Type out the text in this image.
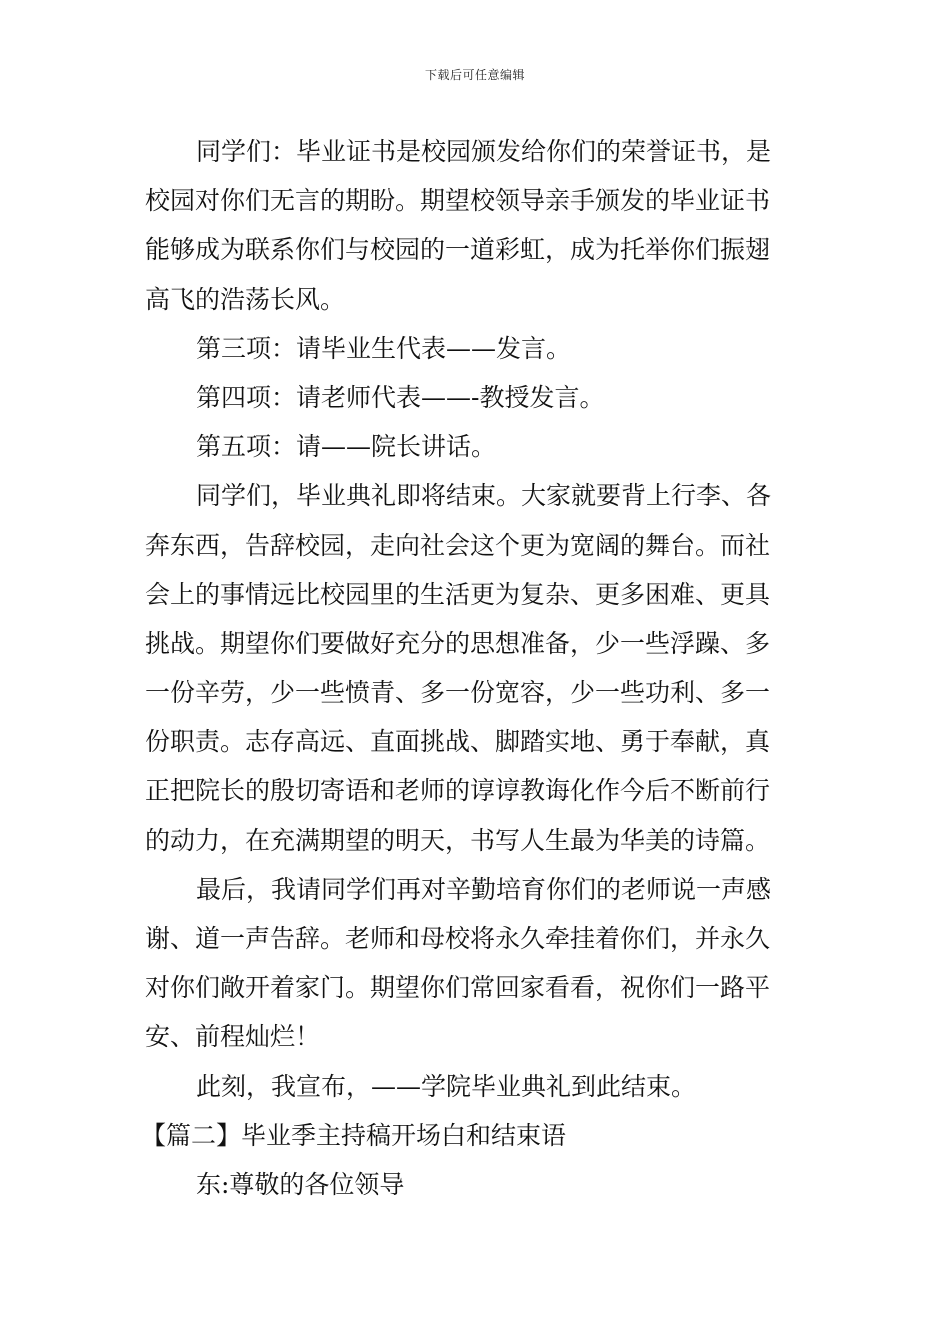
下载后可任意编辑
同学们：毕业证书是校园颁发给你们的荣誉证书，是
校园对你们无言的期盼。期望校领导亲手颁发的毕业证书
能够成为联系你们与校园的一道彩虹，成为托举你们振翅
高飞的浩荡长风。
第三项：请毕业生代表——发言。
第四项：请老师代表——-教授发言。
第五项：请——院长讲话。
同学们，毕业典礼即将结束。大家就要背上行李、各
奔东西，告辞校园，走向社会这个更为宽阔的舞台。而社
会上的事情远比校园里的生活更为复杂、更多困难、更具
挑战。期望你们要做好充分的思想准备，少一些浮躁、多
一份辛劳，少一些愤青、多一份宽容，少一些功利、多一
份职责。志存高远、直面挑战、脚踏实地、勇于奉献，真
正把院长的殷切寄语和老师的谆谆教诲化作今后不断前行
的动力，在充满期望的明天，书写人生最为华美的诗篇。
最后，我请同学们再对辛勤培育你们的老师说一声感
谢、道一声告辞。老师和母校将永久牵挂着你们，并永久
对你们敞开着家门。期望你们常回家看看，祝你们一路平
安、前程灿烂！
此刻，我宣布，——学院毕业典礼到此结束。
【篇二】毕业季主持稿开场白和结束语
东:尊敬的各位领导
